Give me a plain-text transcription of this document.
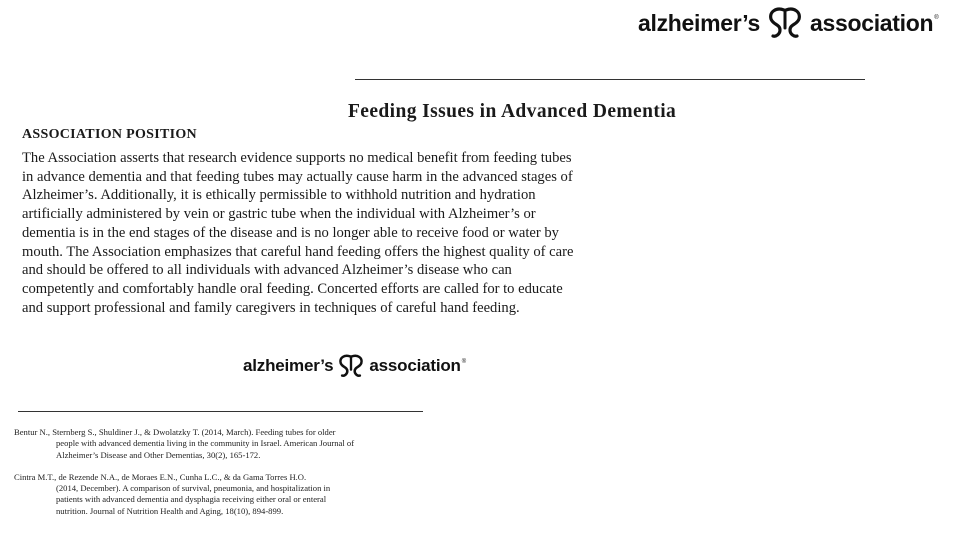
alzheimer’s association ®
Feeding Issues in Advanced Dementia
ASSOCIATION POSITION

The Association asserts that research evidence supports no medical benefit from feeding tubes
in advance dementia and that feeding tubes may actually cause harm in the advanced stages of
Alzheimer’s. Additionally, it is ethically permissible to withhold nutrition and hydration
artificially administered by vein or gastric tube when the individual with Alzheimer’s or
dementia is in the end stages of the disease and is no longer able to receive food or water by
mouth. The Association emphasizes that careful hand feeding offers the highest quality of care
and should be offered to all individuals with advanced Alzheimer’s disease who can
competently and comfortably handle oral feeding. Concerted efforts are called for to educate
and support professional and family caregivers in techniques of careful hand feeding.

alzheimer’s association ®

Bentur N., Sternberg S., Shuldiner J., & Dwolatzky T. (2014, March). Feeding tubes for older
people with advanced dementia living in the community in Israel. American Journal of
Alzheimer’s Disease and Other Dementias, 30(2), 165-172.

Cintra M.T., de Rezende N.A., de Moraes E.N., Cunha L.C., & da Gama Torres H.O.
(2014, December). A comparison of survival, pneumonia, and hospitalization in
patients with advanced dementia and dysphagia receiving either oral or enteral
nutrition. Journal of Nutrition Health and Aging, 18(10), 894-899.
